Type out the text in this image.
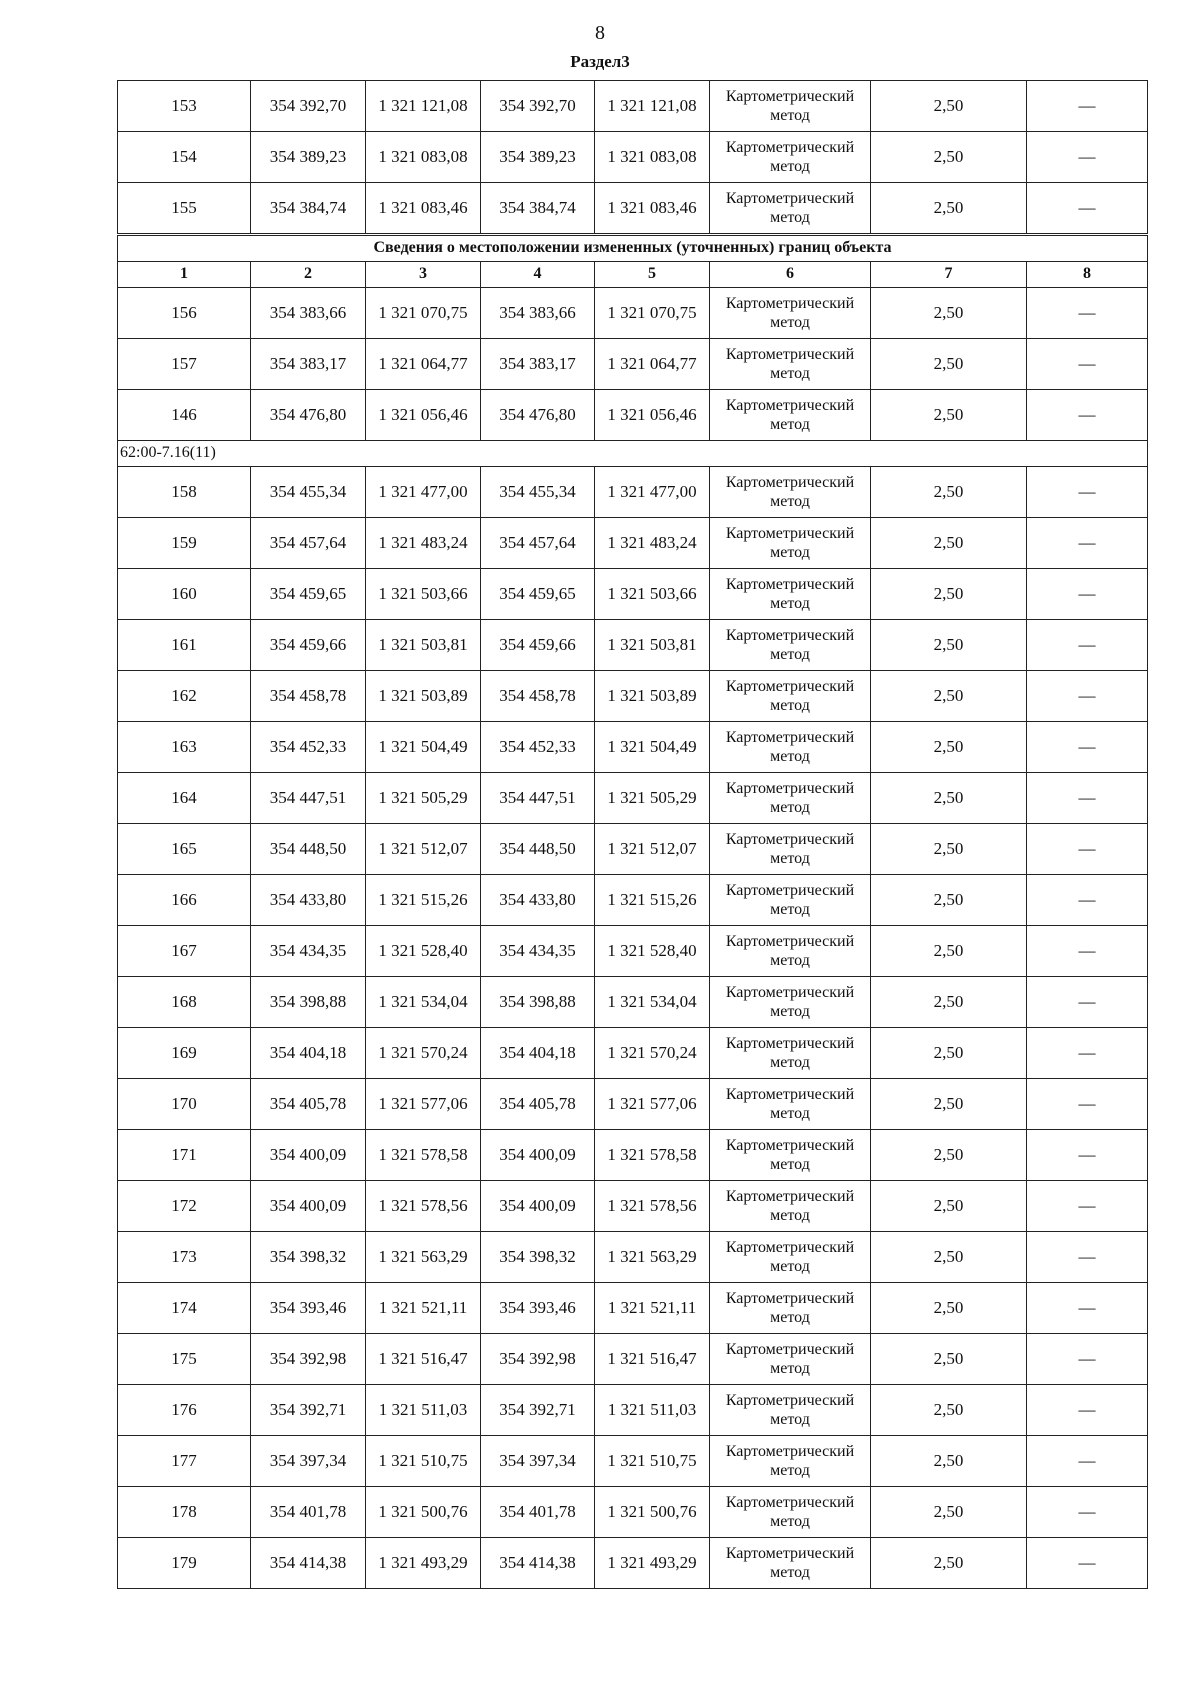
8
Раздел3
153	354 392,70	1 321 121,08	354 392,70	1 321 121,08	Картометрический метод	2,50	—
154	354 389,23	1 321 083,08	354 389,23	1 321 083,08	Картометрический метод	2,50	—
155	354 384,74	1 321 083,46	354 384,74	1 321 083,46	Картометрический метод	2,50	—
Сведения о местоположении измененных (уточненных) границ объекта							
1	2	3	4	5	6	7	8
156	354 383,66	1 321 070,75	354 383,66	1 321 070,75	Картометрический метод	2,50	—
157	354 383,17	1 321 064,77	354 383,17	1 321 064,77	Картометрический метод	2,50	—
146	354 476,80	1 321 056,46	354 476,80	1 321 056,46	Картометрический метод	2,50	—
62:00-7.16(11)							
158	354 455,34	1 321 477,00	354 455,34	1 321 477,00	Картометрический метод	2,50	—
159	354 457,64	1 321 483,24	354 457,64	1 321 483,24	Картометрический метод	2,50	—
160	354 459,65	1 321 503,66	354 459,65	1 321 503,66	Картометрический метод	2,50	—
161	354 459,66	1 321 503,81	354 459,66	1 321 503,81	Картометрический метод	2,50	—
162	354 458,78	1 321 503,89	354 458,78	1 321 503,89	Картометрический метод	2,50	—
163	354 452,33	1 321 504,49	354 452,33	1 321 504,49	Картометрический метод	2,50	—
164	354 447,51	1 321 505,29	354 447,51	1 321 505,29	Картометрический метод	2,50	—
165	354 448,50	1 321 512,07	354 448,50	1 321 512,07	Картометрический метод	2,50	—
166	354 433,80	1 321 515,26	354 433,80	1 321 515,26	Картометрический метод	2,50	—
167	354 434,35	1 321 528,40	354 434,35	1 321 528,40	Картометрический метод	2,50	—
168	354 398,88	1 321 534,04	354 398,88	1 321 534,04	Картометрический метод	2,50	—
169	354 404,18	1 321 570,24	354 404,18	1 321 570,24	Картометрический метод	2,50	—
170	354 405,78	1 321 577,06	354 405,78	1 321 577,06	Картометрический метод	2,50	—
171	354 400,09	1 321 578,58	354 400,09	1 321 578,58	Картометрический метод	2,50	—
172	354 400,09	1 321 578,56	354 400,09	1 321 578,56	Картометрический метод	2,50	—
173	354 398,32	1 321 563,29	354 398,32	1 321 563,29	Картометрический метод	2,50	—
174	354 393,46	1 321 521,11	354 393,46	1 321 521,11	Картометрический метод	2,50	—
175	354 392,98	1 321 516,47	354 392,98	1 321 516,47	Картометрический метод	2,50	—
176	354 392,71	1 321 511,03	354 392,71	1 321 511,03	Картометрический метод	2,50	—
177	354 397,34	1 321 510,75	354 397,34	1 321 510,75	Картометрический метод	2,50	—
178	354 401,78	1 321 500,76	354 401,78	1 321 500,76	Картометрический метод	2,50	—
179	354 414,38	1 321 493,29	354 414,38	1 321 493,29	Картометрический метод	2,50	—
